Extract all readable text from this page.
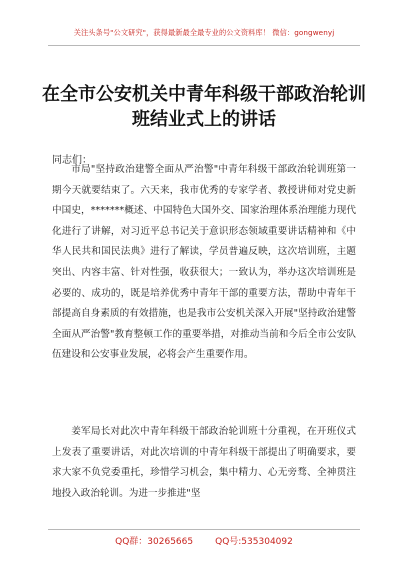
关注头条号"公文研究"，获得最新最全最专业的公文资料库！ 微信：gongwenyj
在全市公安机关中青年科级干部政治轮训班结业式上的讲话
同志们：

市局"坚持政治建警全面从严治警"中青年科级干部政治轮训班第一期今天就要结束了。六天来，我市优秀的专家学者、教授讲师对党史新中国史，*******概述、中国特色大国外交、国家治理体系治理能力现代化进行了讲解，对习近平总书记关于意识形态领域重要讲话精神和《中华人民共和国民法典》进行了解读，学员普遍反映，这次培训班，主题突出、内容丰富、针对性强，收获很大；一致认为，举办这次培训班是必要的、成功的，既是培养优秀中青年干部的重要方法，帮助中青年干部提高自身素质的有效措施，也是我市公安机关深入开展"坚持政治建警全面从严治警"教育整顿工作的重要举措，对推动当前和今后全市公安队伍建设和公安事业发展，必将会产生重要作用。

姜军局长对此次中青年科级干部政治轮训班十分重视，在开班仪式上发表了重要讲话，对此次培训的中青年科级干部提出了明确要求，要求大家不负党委重托，珍惜学习机会，集中精力、心无旁骛、全神贯注地投入政治轮训。为进一步推进"坚

QQ群：30265665 QQ号:535304092
